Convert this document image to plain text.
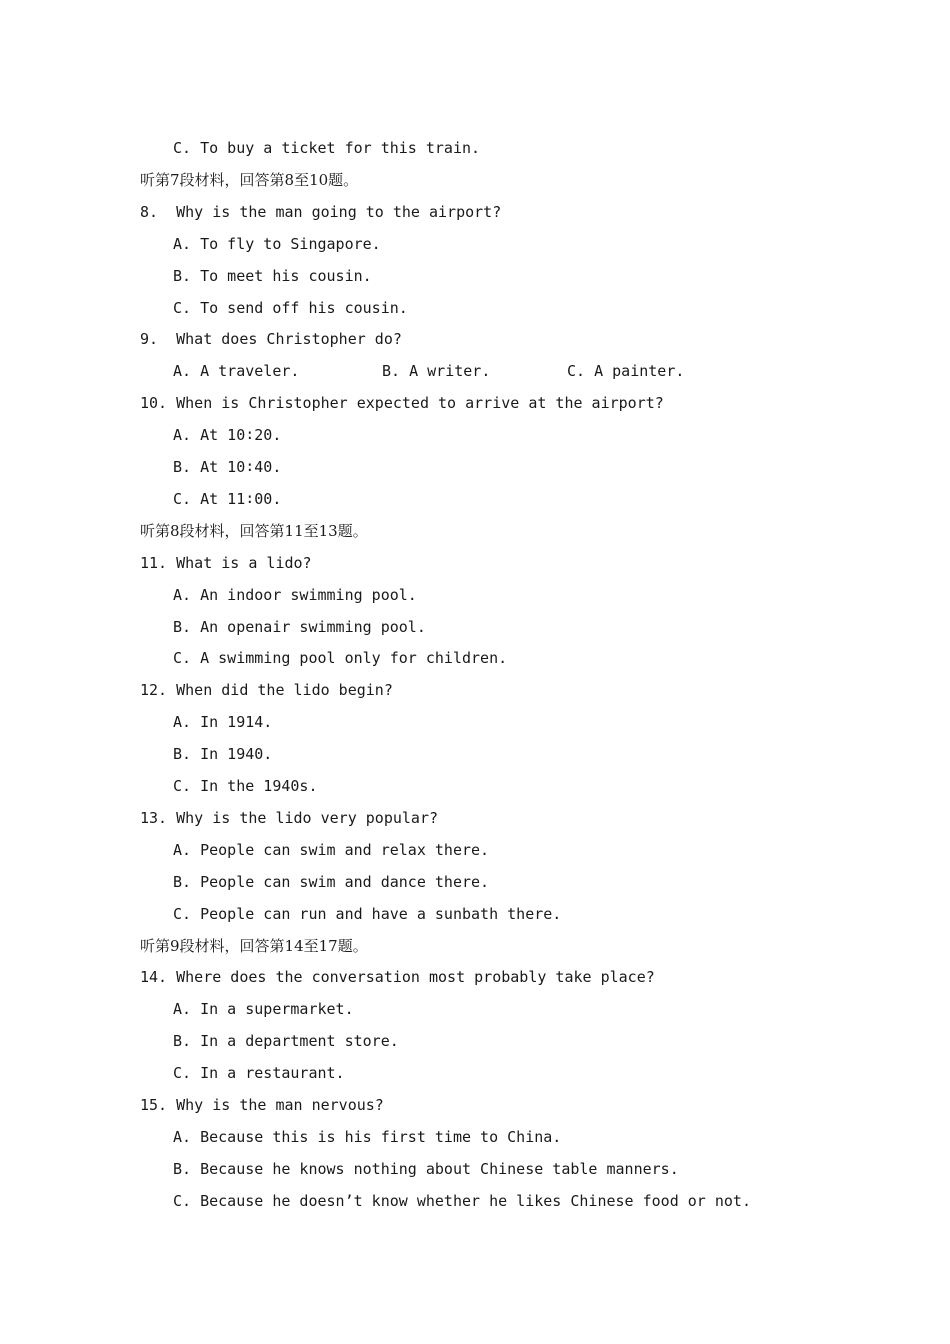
C. To buy a ticket for this train.
听第7段材料，回答第8至10题。
8.  Why is the man going to the airport?
A. To fly to Singapore.
B. To meet his cousin.
C. To send off his cousin.
9.  What does Christopher do?
A. A traveler.	B. A writer.	C. A painter.
10. When is Christopher expected to arrive at the airport?
A. At 10∶20.
B. At 10∶40.
C. At 11∶00.
听第8段材料，回答第11至13题。
11. What is a lido?
A. An indoor swimming pool.
B. An openair swimming pool.
C. A swimming pool only for children.
12. When did the lido begin?
A. In 1914.
B. In 1940.
C. In the 1940s.
13. Why is the lido very popular?
A. People can swim and relax there.
B. People can swim and dance there.
C. People can run and have a sunbath there.
听第9段材料，回答第14至17题。
14. Where does the conversation most probably take place?
A. In a supermarket.
B. In a department store.
C. In a restaurant.
15. Why is the man nervous?
A. Because this is his first time to China.
B. Because he knows nothing about Chinese table manners.
C. Because he doesn’t know whether he likes Chinese food or not.
